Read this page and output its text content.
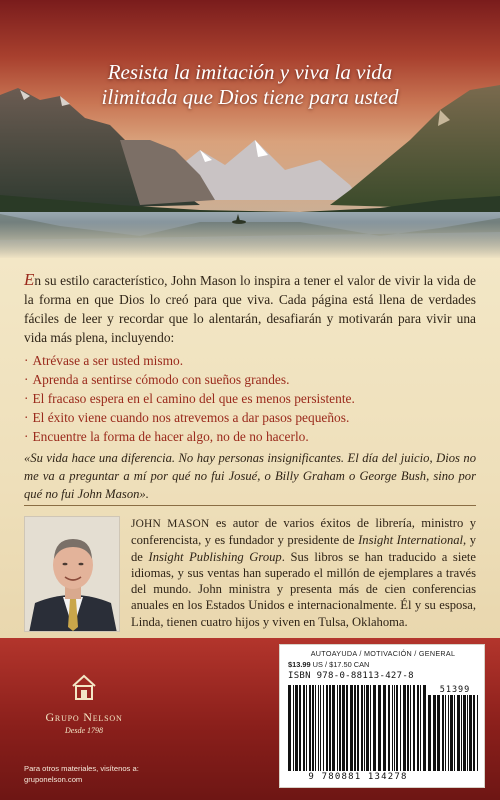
Resista la imitación y viva la vida
ilimitada que Dios tiene para usted

En su estilo característico, John Mason lo inspira a tener el valor de vivir la vida de la forma en que Dios lo creó para que viva. Cada página está llena de verdades fáciles de leer y recordar que lo alentarán, desafiarán y motivarán para vivir una vida más plena, incluyendo:

· Atrévase a ser usted mismo.
· Aprenda a sentirse cómodo con sueños grandes.
· El fracaso espera en el camino del que es menos persistente.
· El éxito viene cuando nos atrevemos a dar pasos pequeños.
· Encuentre la forma de hacer algo, no de no hacerlo.

«Su vida hace una diferencia. No hay personas insignificantes. El día del juicio, Dios no me va a preguntar a mí por qué no fui Josué, o Billy Graham o George Bush, sino por qué no fui John Mason».

JOHN MASON es autor de varios éxitos de librería, ministro y conferencista, y es fundador y presidente de Insight International, y de Insight Publishing Group. Sus libros se han traducido a siete idiomas, y sus ventas han superado el millón de ejemplares a través del mundo. John ministra y presenta más de cien conferencias anuales en los Estados Unidos e internacionalmente. Él y su esposa, Linda, tienen cuatro hijos y viven en Tulsa, Oklahoma.

Grupo Nelson
Desde 1798
Para otros materiales, visítenos a:
gruponelson.com
AUTOAYUDA / MOTIVACIÓN / GENERAL
$13.99 US / $17.50 CAN
ISBN 978-0-88113-427-8
51399
9 780881 134278
